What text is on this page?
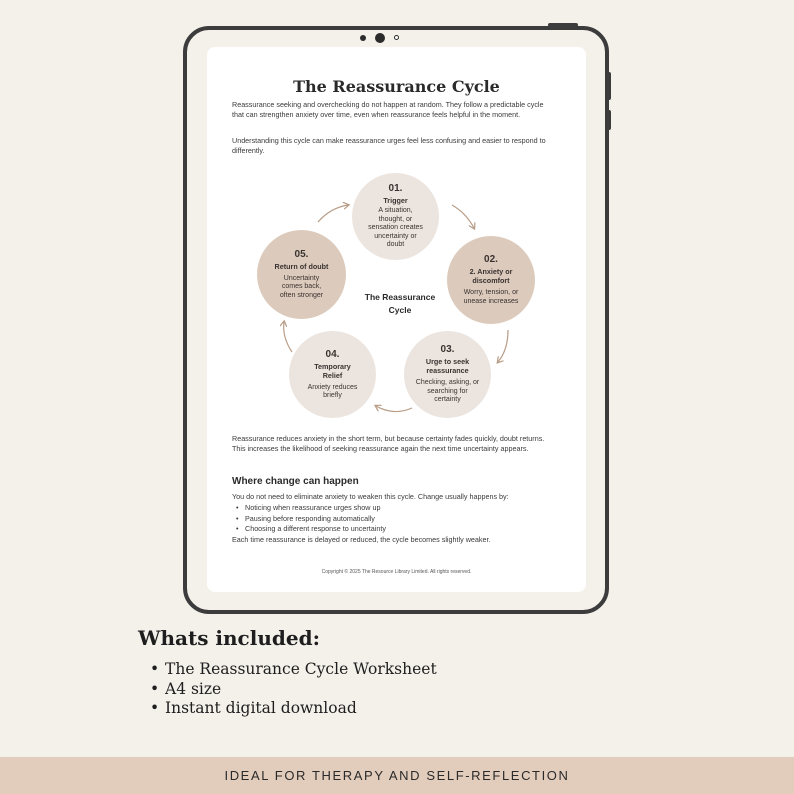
The Reassurance Cycle

Reassurance seeking and overchecking do not happen at random. They follow a predictable cycle that can strengthen anxiety over time, even when reassurance feels helpful in the moment.

Understanding this cycle can make reassurance urges feel less confusing and easier to respond to differently.

01.
Trigger
A situation, thought, or sensation creates uncertainty or doubt
02.
2. Anxiety or discomfort
Worry, tension, or unease increases
03.
Urge to seek reassurance
Checking, asking, or searching for certainty
04.
Temporary Relief
Anxiety reduces briefly
05.
Return of doubt
Uncertainty comes back, often stronger	The Reassurance
Cycle

Reassurance reduces anxiety in the short term, but because certainty fades quickly, doubt returns. This increases the likelihood of seeking reassurance again the next time uncertainty appears.

Where change can happen
You do not need to eliminate anxiety to weaken this cycle. Change usually happens by:
• Noticing when reassurance urges show up
• Pausing before responding automatically
• Choosing a different response to uncertainty
Each time reassurance is delayed or reduced, the cycle becomes slightly weaker.
Copyright © 2025 The Resource Library Limited. All rights reserved.
Whats included:
• The Reassurance Cycle Worksheet
• A4 size
• Instant digital download
IDEAL FOR THERAPY AND SELF-REFLECTION
